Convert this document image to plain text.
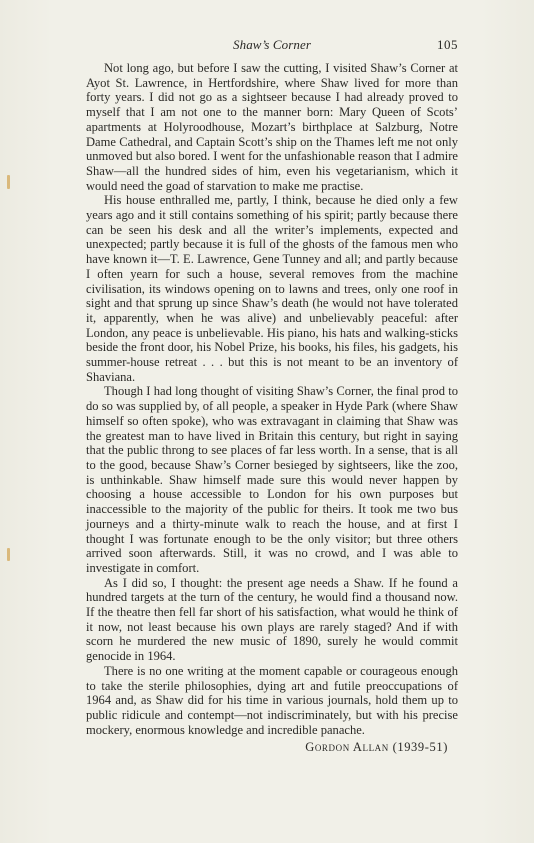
Shaw’s Corner	105

Not long ago, but before I saw the cutting, I visited Shaw’s Corner at Ayot St. Lawrence, in Hertfordshire, where Shaw lived for more than forty years. I did not go as a sightseer because I had already proved to myself that I am not one to the manner born: Mary Queen of Scots’ apartments at Holyroodhouse, Mozart’s birthplace at Salzburg, Notre Dame Cathedral, and Captain Scott’s ship on the Thames left me not only unmoved but also bored. I went for the unfashionable reason that I admire Shaw—all the hundred sides of him, even his vegetarianism, which it would need the goad of starvation to make me practise.

His house enthralled me, partly, I think, because he died only a few years ago and it still contains something of his spirit; partly because there can be seen his desk and all the writer’s implements, expected and unexpected; partly because it is full of the ghosts of the famous men who have known it—T. E. Lawrence, Gene Tunney and all; and partly because I often yearn for such a house, several removes from the machine civilisation, its windows opening on to lawns and trees, only one roof in sight and that sprung up since Shaw’s death (he would not have tolerated it, apparently, when he was alive) and unbelievably peaceful: after London, any peace is unbelievable. His piano, his hats and walking-sticks beside the front door, his Nobel Prize, his books, his files, his gadgets, his summer-house retreat . . . but this is not meant to be an inventory of Shaviana.

Though I had long thought of visiting Shaw’s Corner, the final prod to do so was supplied by, of all people, a speaker in Hyde Park (where Shaw himself so often spoke), who was extravagant in claiming that Shaw was the greatest man to have lived in Britain this century, but right in saying that the public throng to see places of far less worth. In a sense, that is all to the good, because Shaw’s Corner besieged by sightseers, like the zoo, is unthinkable. Shaw himself made sure this would never happen by choosing a house accessible to London for his own purposes but inaccessible to the majority of the public for theirs. It took me two bus journeys and a thirty-minute walk to reach the house, and at first I thought I was fortunate enough to be the only visitor; but three others arrived soon afterwards. Still, it was no crowd, and I was able to investigate in comfort.

As I did so, I thought: the present age needs a Shaw. If he found a hundred targets at the turn of the century, he would find a thousand now. If the theatre then fell far short of his satisfaction, what would he think of it now, not least because his own plays are rarely staged? And if with scorn he murdered the new music of 1890, surely he would commit genocide in 1964.

There is no one writing at the moment capable or courageous enough to take the sterile philosophies, dying art and futile preoccupations of 1964 and, as Shaw did for his time in various journals, hold them up to public ridicule and contempt—not indiscriminately, but with his precise mockery, enormous knowledge and incredible panache.

Gordon Allan (1939-51)
